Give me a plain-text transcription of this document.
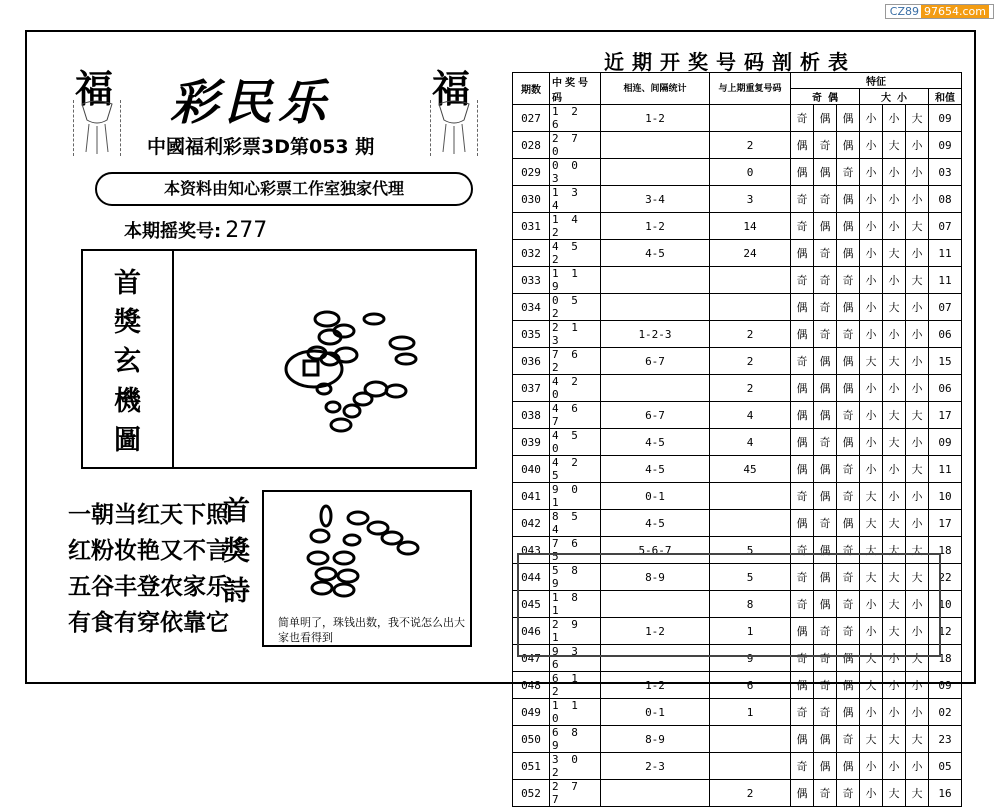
CZ89 97654.com
福	福
彩民乐
中國福利彩票3D第053 期
本资料由知心彩票工作室独家代理
本期摇奖号: 277
首
獎
玄
機
圖
一朝当红天下照
红粉妆艳又不言
五谷丰登农家乐
有食有穿依靠它
首
獎
詩
简单明了，珠钱出数，我不说怎么出大家也看得到
近期开奖号码剖析表
期数	中奖号码	相连、间隔统计	与上期重复号码	特征						
				奇 偶			大 小			和值

027	1 2 6	1-2		奇	偶	偶	小	小	大	09
028	2 7 0		2	偶	奇	偶	小	大	小	09
029	0 0 3		0	偶	偶	奇	小	小	小	03
030	1 3 4	3-4	3	奇	奇	偶	小	小	小	08
031	1 4 2	1-2	14	奇	偶	偶	小	小	大	07
032	4 5 2	4-5	24	偶	奇	偶	小	大	小	11
033	1 1 9			奇	奇	奇	小	小	大	11
034	0 5 2			偶	奇	偶	小	大	小	07
035	2 1 3	1-2-3	2	偶	奇	奇	小	小	小	06
036	7 6 2	6-7	2	奇	偶	偶	大	大	小	15
037	4 2 0		2	偶	偶	偶	小	小	小	06
038	4 6 7	6-7	4	偶	偶	奇	小	大	大	17
039	4 5 0	4-5	4	偶	奇	偶	小	大	小	09
040	4 2 5	4-5	45	偶	偶	奇	小	小	大	11
041	9 0 1	0-1		奇	偶	奇	大	小	小	10
042	8 5 4	4-5		偶	奇	偶	大	大	小	17
043	7 6 5	5-6-7	5	奇	偶	奇	大	大	大	18
044	5 8 9	8-9	5	奇	偶	奇	大	大	大	22
045	1 8 1		8	奇	偶	奇	小	大	小	10
046	2 9 1	1-2	1	偶	奇	奇	小	大	小	12
047	9 3 6		9	奇	奇	偶	大	小	大	18
048	6 1 2	1-2	6	偶	奇	偶	大	小	小	09
049	1 1 0	0-1	1	奇	奇	偶	小	小	小	02
050	6 8 9	8-9		偶	偶	奇	大	大	大	23
051	3 0 2	2-3		奇	偶	偶	小	小	小	05
052	2 7 7		2	偶	奇	奇	小	大	大	16
